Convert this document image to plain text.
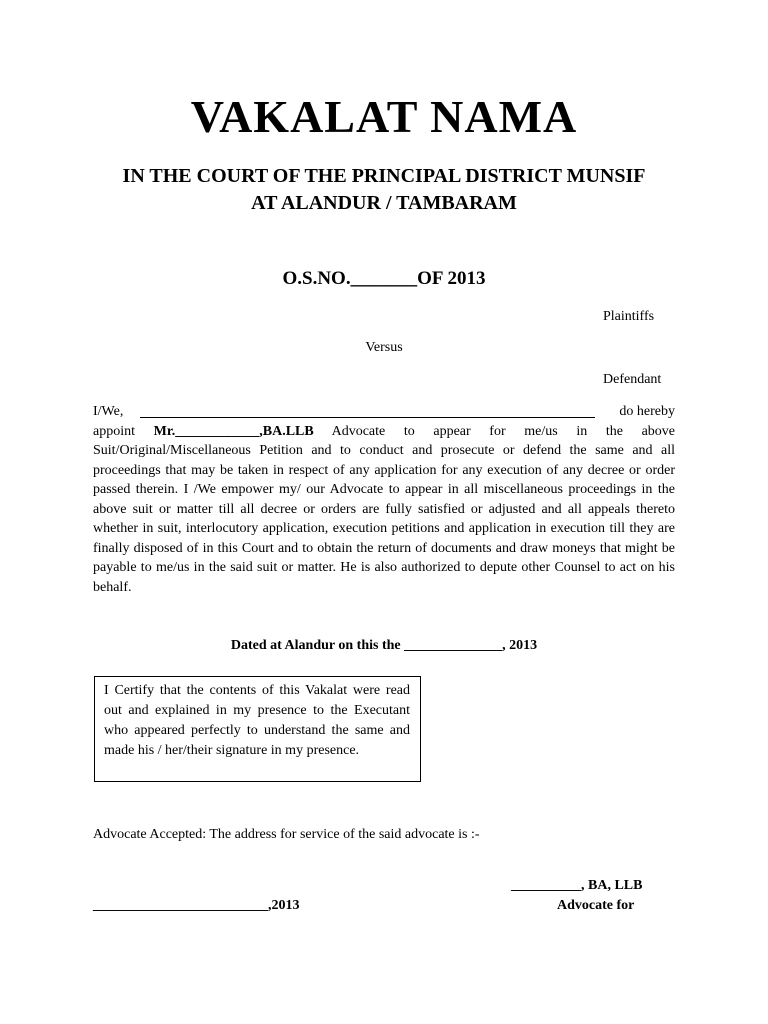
VAKALAT NAMA
IN THE COURT OF THE PRINCIPAL DISTRICT MUNSIF
AT ALANDUR / TAMBARAM
O.S.NO._______OF 2013
Plaintiffs
Versus
Defendant
I/We,	do hereby
appoint Mr.____________,BA.LLB Advocate to appear for me/us in the above Suit/Original/Miscellaneous Petition and to conduct and prosecute or defend the same and all proceedings that may be taken in respect of any application for any execution of any decree or order passed therein. I /We empower my/ our Advocate to appear in all miscellaneous proceedings in the above suit or matter till all decree or orders are fully satisfied or adjusted and all appeals thereto whether in suit, interlocutory application, execution petitions and application in execution till they are finally disposed of in this Court and to obtain the return of documents and draw moneys that might be payable to me/us in the said suit or matter. He is also authorized to depute other Counsel to act on his behalf.
Dated at Alandur on this the ______________, 2013
I Certify that the contents of this Vakalat were read out and explained in my presence to the Executant who appeared perfectly to understand the same and made his / her/their signature in my presence.
Advocate Accepted: The address for service of the said advocate is :-
__________, BA, LLB
_________________________,2013	Advocate for
